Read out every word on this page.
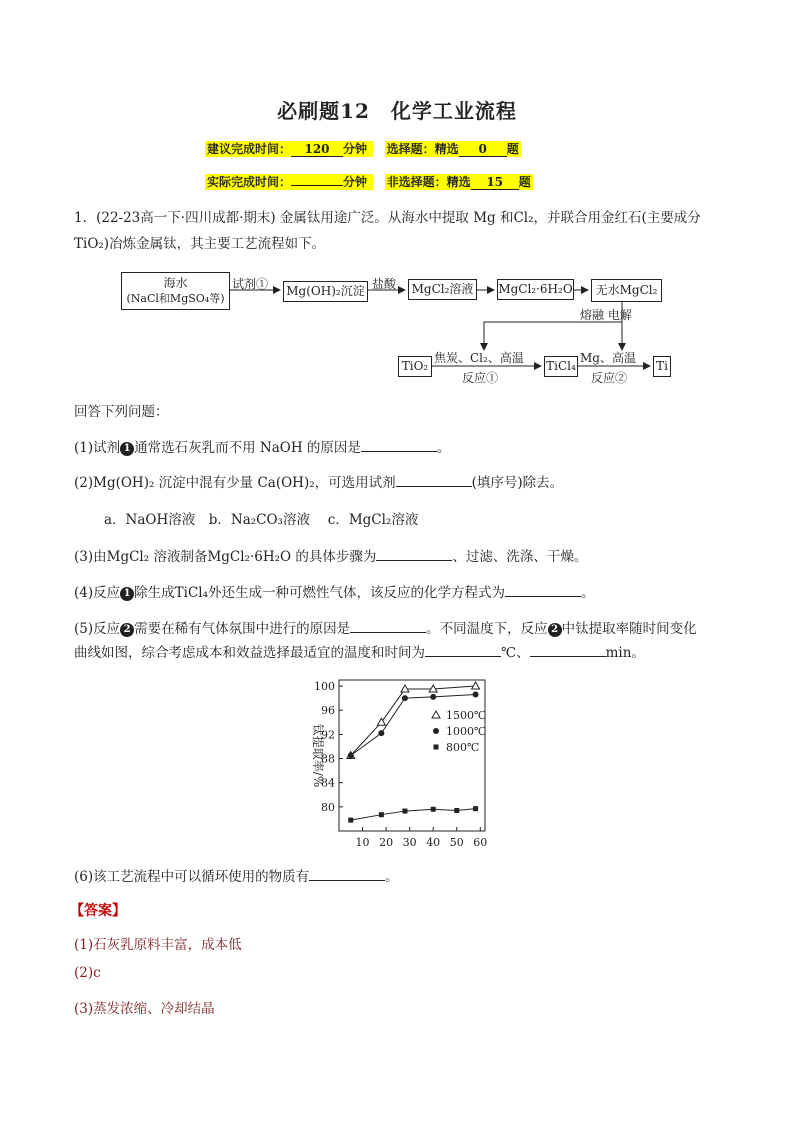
必刷题12　化学工业流程
建议完成时间： 120 分钟 选择题：精选 0 题
实际完成时间：	分钟 非选择题：精选 15 题
1．(22-23高一下·四川成都·期末) 金属钛用途广泛。从海水中提取 Mg 和Cl₂，并联合用金红石(主要成分
TiO₂)冶炼金属钛，其主要工艺流程如下。
海水
(NaCl和MgSO₄等)
试剂① Mg(OH)₂沉淀 盐酸 MgCl₂溶液 MgCl₂·6H₂O	无水MgCl₂
熔融 电解
TiO₂
焦炭、Cl₂、高温
反应①
TiCl₄
Mg、高温
反应②
Ti
回答下列问题：
(1)试剂 1 通常选石灰乳而不用 NaOH 的原因是	。
(2)Mg(OH)₂ 沉淀中混有少量 Ca(OH)₂，可选用试剂	(填序号)除去。
a．NaOH溶液　b．Na₂CO₃溶液　 c．MgCl₂溶液
(3)由MgCl₂ 溶液制备MgCl₂·6H₂O 的具体步骤为	、过滤、洗涤、干燥。
(4)反应 1 除生成TiCl₄外还生成一种可燃性气体，该反应的化学方程式为	。
(5)反应 2 需要在稀有气体氛围中进行的原因是	。不同温度下，反应 2 中钛提取率随时间变化
曲线如图，综合考虑成本和效益选择最适宜的温度和时间为	℃、	min。
80
84
88
92
96
100
10 20 30 40 50 60
钛提取率/%
1500℃
1000℃
800℃
(6)该工艺流程中可以循环使用的物质有	。
【答案】
(1)石灰乳原料丰富，成本低
(2)c
(3)蒸发浓缩、冷却结晶
